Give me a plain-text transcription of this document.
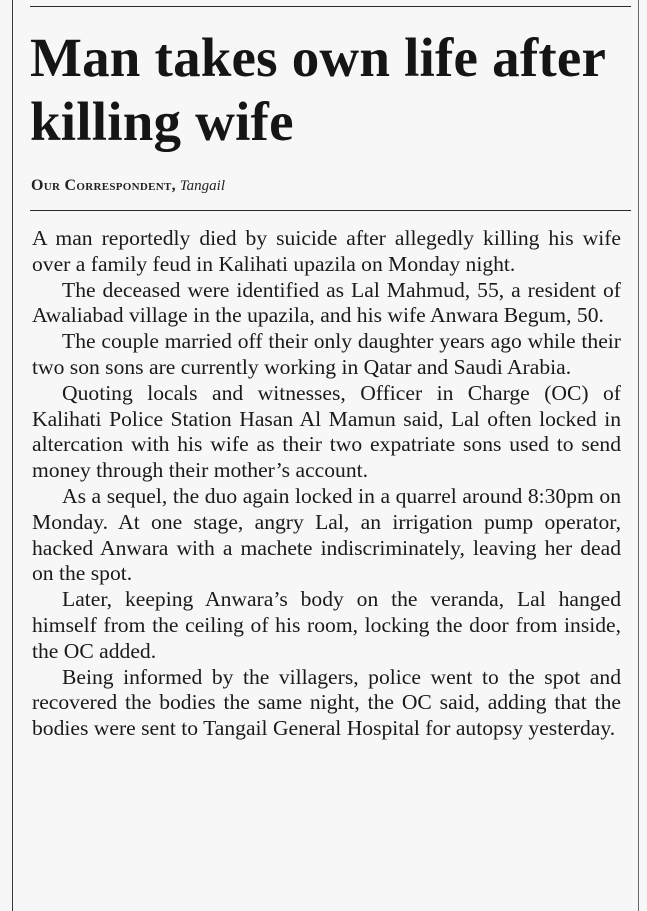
Man takes own life after killing wife
Our Correspondent, Tangail

A man reportedly died by suicide after allegedly killing his wife over a family feud in Kalihati upazila on Monday night.

The deceased were identified as Lal Mahmud, 55, a resident of Awaliabad village in the upazila, and his wife Anwara Begum, 50.

The couple married off their only daughter years ago while their two son sons are currently working in Qatar and Saudi Arabia.

Quoting locals and witnesses, Officer in Charge (OC) of Kalihati Police Station Hasan Al Mamun said, Lal often locked in altercation with his wife as their two expatriate sons used to send money through their mother’s account.

As a sequel, the duo again locked in a quarrel around 8:30pm on Monday. At one stage, angry Lal, an irrigation pump operator, hacked Anwara with a machete indiscriminately, leaving her dead on the spot.

Later, keeping Anwara’s body on the veranda, Lal hanged himself from the ceiling of his room, locking the door from inside, the OC added.

Being informed by the villagers, police went to the spot and recovered the bodies the same night, the OC said, adding that the bodies were sent to Tangail General Hospital for autopsy yesterday.
